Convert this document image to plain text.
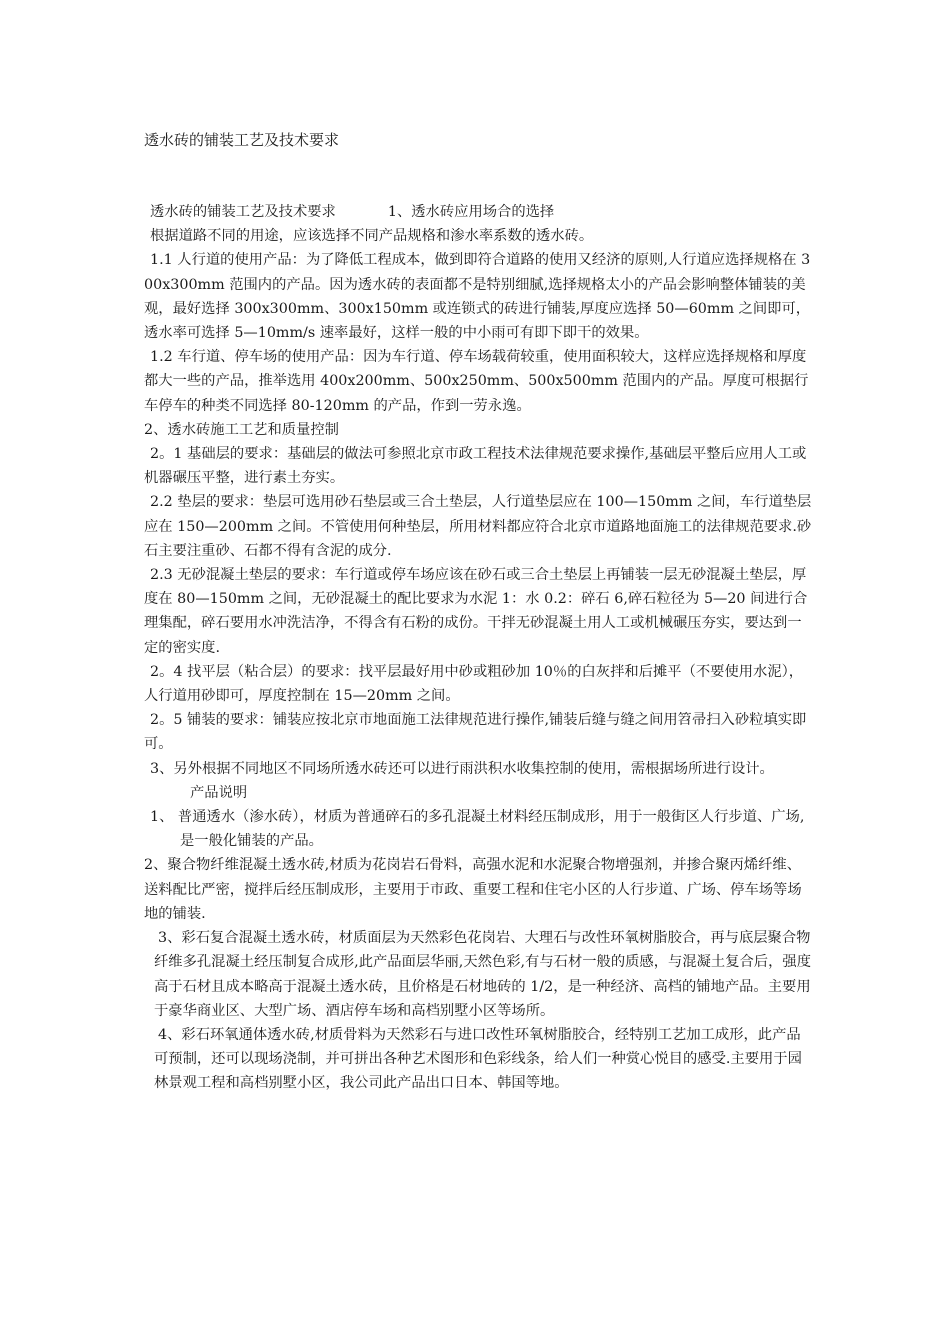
透水砖的铺装工艺及技术要求

透水砖的铺装工艺及技术要求	1、透水砖应用场合的选择

根据道路不同的用途，应该选择不同产品规格和渗水率系数的透水砖。

1.1 人行道的使用产品：为了降低工程成本，做到即符合道路的使用又经济的原则,人行道应选择规格在 300x300mm 范围内的产品。因为透水砖的表面都不是特别细腻,选择规格太小的产品会影响整体铺装的美观，最好选择 300x300mm、300x150mm 或连锁式的砖进行铺装,厚度应选择 50—60mm 之间即可，透水率可选择 5—10mm/s 速率最好，这样一般的中小雨可有即下即干的效果。

1.2 车行道、停车场的使用产品：因为车行道、停车场载荷较重，使用面积较大，这样应选择规格和厚度都大一些的产品，推举选用 400x200mm、500x250mm、500x500mm 范围内的产品。厚度可根据行车停车的种类不同选择 80-120mm 的产品，作到一劳永逸。

2、透水砖施工工艺和质量控制

2。1 基础层的要求：基础层的做法可参照北京市政工程技术法律规范要求操作,基础层平整后应用人工或机器碾压平整，进行素土夯实。

2.2 垫层的要求：垫层可选用砂石垫层或三合土垫层，人行道垫层应在 100—150mm 之间，车行道垫层应在 150—200mm 之间。不管使用何种垫层，所用材料都应符合北京市道路地面施工的法律规范要求.砂石主要注重砂、石都不得有含泥的成分.

2.3 无砂混凝土垫层的要求：车行道或停车场应该在砂石或三合土垫层上再铺装一层无砂混凝土垫层，厚度在 80—150mm 之间，无砂混凝土的配比要求为水泥 1：水 0.2：碎石 6,碎石粒径为 5—20 间进行合理集配，碎石要用水冲洗洁净，不得含有石粉的成份。干拌无砂混凝土用人工或机械碾压夯实，要达到一定的密实度.

2。4 找平层（粘合层）的要求：找平层最好用中砂或粗砂加 10％的白灰拌和后摊平（不要使用水泥），人行道用砂即可，厚度控制在 15—20mm 之间。

2。5 铺装的要求：铺装应按北京市地面施工法律规范进行操作,铺装后缝与缝之间用笤帚扫入砂粒填实即可。

3、另外根据不同地区不同场所透水砖还可以进行雨洪积水收集控制的使用，需根据场所进行设计。产品说明

1、 普通透水（渗水砖），材质为普通碎石的多孔混凝土材料经压制成形，用于一般街区人行步道、广场,是一般化铺装的产品。

2、聚合物纤维混凝土透水砖,材质为花岗岩石骨料，高强水泥和水泥聚合物增强剂，并掺合聚丙烯纤维、送料配比严密，搅拌后经压制成形，主要用于市政、重要工程和住宅小区的人行步道、广场、停车场等场地的铺装.

3、彩石复合混凝土透水砖，材质面层为天然彩色花岗岩、大理石与改性环氧树脂胶合，再与底层聚合物纤维多孔混凝土经压制复合成形,此产品面层华丽,天然色彩,有与石材一般的质感，与混凝土复合后，强度高于石材且成本略高于混凝土透水砖，且价格是石材地砖的 1/2，是一种经济、高档的铺地产品。主要用于豪华商业区、大型广场、酒店停车场和高档别墅小区等场所。

4、彩石环氧通体透水砖,材质骨料为天然彩石与进口改性环氧树脂胶合，经特别工艺加工成形，此产品可预制，还可以现场浇制，并可拼出各种艺术图形和色彩线条，给人们一种赏心悦目的感受.主要用于园林景观工程和高档别墅小区，我公司此产品出口日本、韩国等地。
